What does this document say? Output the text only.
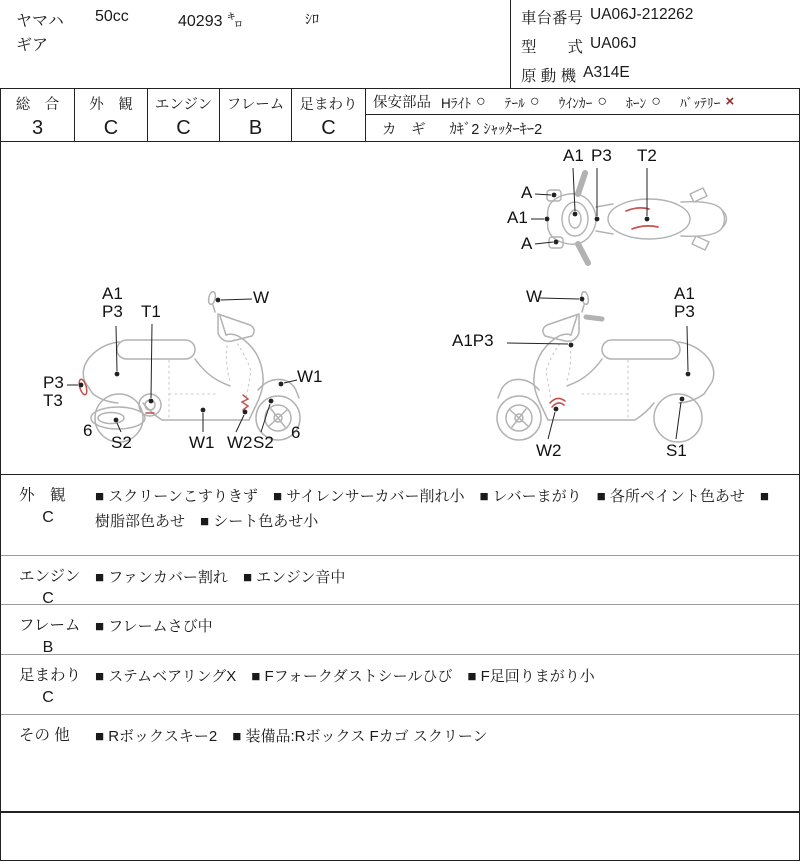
ヤマハ 50cc	40293 ㌔	ｼﾛ
ギア
車台番号 UA06J-212262
型　　式 UA06J
原 動 機 A314E
総　合
3
外　観
C
エンジン
C
フレーム
B
足まわり
C
保安部品 Hﾗｲﾄ ○ ﾃｰﾙ ○ ｳｲﾝｶｰ ○ ﾎｰﾝ ○ ﾊﾞｯﾃﾘｰ ×
カ　ギ ｶｷﾞ2 ｼｬｯﾀｰｷｰ2
A1 P3 T2
A
A1
A
A1
P3 T1
W
W1
P3
T3
6
S2	W1 W2 S2
6
W
A1P3
A1
P3
W2	S1
外　観
C
■ スクリーンこすりきず ■ サイレンサーカバー削れ小 ■ レバーまがり ■ 各所ペイント色あせ ■ 樹脂部色あせ ■ シート色あせ小
エンジン
C
■ ファンカバー割れ ■ エンジン音中
フレーム
B
■ フレームさび中
足まわり
C
■ ステムベアリングX ■ Fフォークダストシールひび ■ F足回りまがり小
その 他	■ Rボックスキー2 ■ 装備品:Rボックス Fカゴ スクリーン
